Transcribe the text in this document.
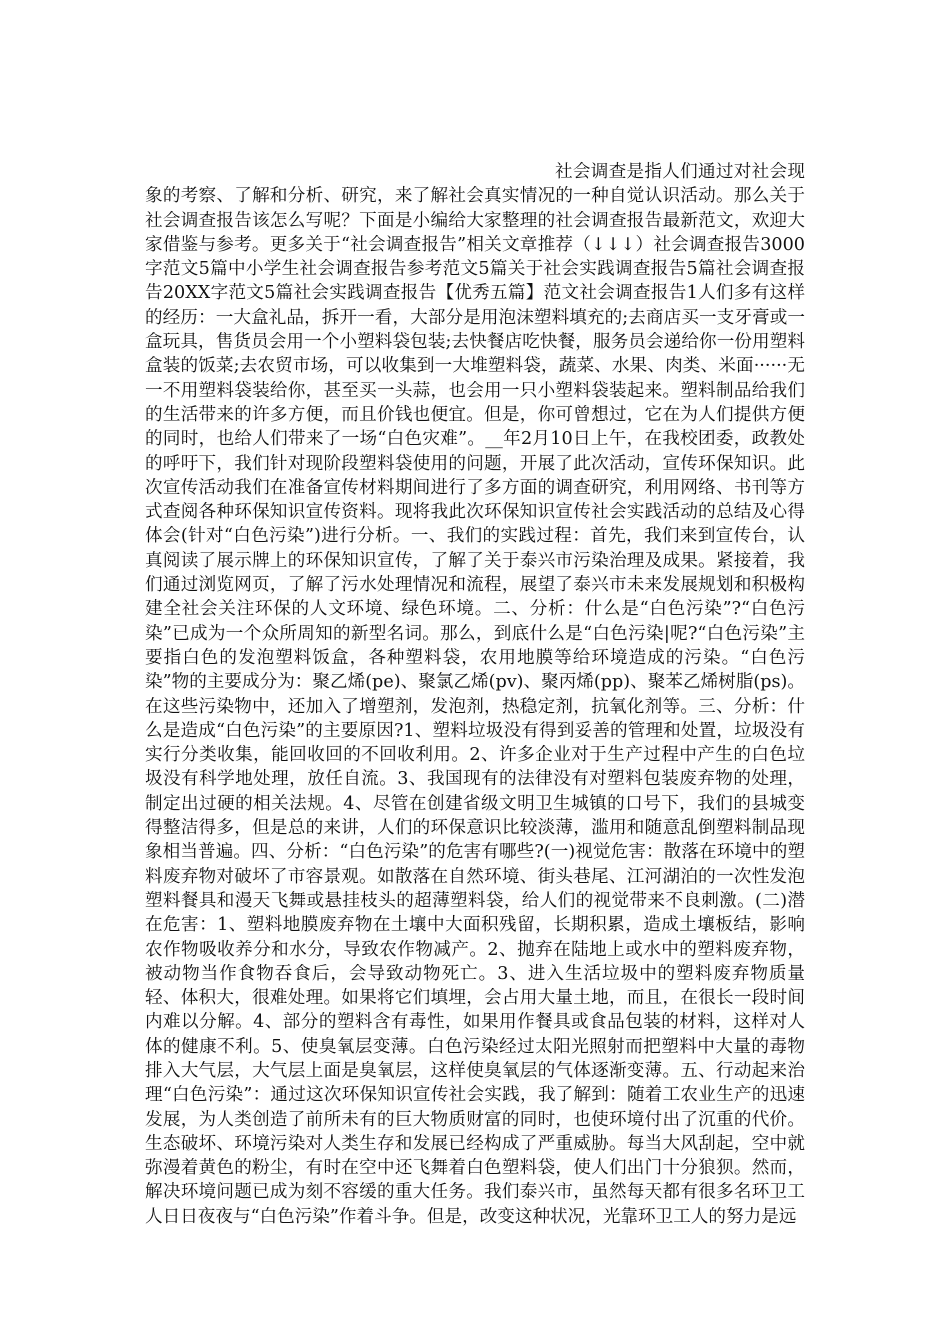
社会调查是指人们通过对社会现象的考察、了解和分析、研究，来了解社会真实情况的一种自觉认识活动。那么关于社会调查报告该怎么写呢？下面是小编给大家整理的社会调查报告最新范文，欢迎大家借鉴与参考。更多关于“社会调查报告”相关文章推荐（↓↓↓）社会调查报告3000字范文5篇中小学生社会调查报告参考范文5篇关于社会实践调查报告5篇社会调查报告20XX字范文5篇社会实践调查报告【优秀五篇】范文社会调查报告1人们多有这样的经历：一大盒礼品，拆开一看，大部分是用泡沫塑料填充的;去商店买一支牙膏或一盒玩具，售货员会用一个小塑料袋包装;去快餐店吃快餐，服务员会递给你一份用塑料盒装的饭菜;去农贸市场，可以收集到一大堆塑料袋，蔬菜、水果、肉类、米面······无一不用塑料袋装给你，甚至买一头蒜，也会用一只小塑料袋装起来。塑料制品给我们的生活带来的许多方便，而且价钱也便宜。但是，你可曾想过，它在为人们提供方便的同时，也给人们带来了一场“白色灾难”。__年2月10日上午，在我校团委，政教处的呼吁下，我们针对现阶段塑料袋使用的问题，开展了此次活动，宣传环保知识。此次宣传活动我们在准备宣传材料期间进行了多方面的调查研究，利用网络、书刊等方式查阅各种环保知识宣传资料。现将我此次环保知识宣传社会实践活动的总结及心得体会(针对“白色污染”)进行分析。一、我们的实践过程：首先，我们来到宣传台，认真阅读了展示牌上的环保知识宣传，了解了关于泰兴市污染治理及成果。紧接着，我们通过浏览网页，了解了污水处理情况和流程，展望了泰兴市未来发展规划和积极构建全社会关注环保的人文环境、绿色环境。二、分析：什么是“白色污染”?“白色污染”已成为一个众所周知的新型名词。那么，到底什么是“白色污染|呢?“白色污染”主要指白色的发泡塑料饭盒，各种塑料袋，农用地膜等给环境造成的污染。“白色污染”物的主要成分为：聚乙烯(pe)、聚氯乙烯(pv)、聚丙烯(pp)、聚苯乙烯树脂(ps)。在这些污染物中，还加入了增塑剂，发泡剂，热稳定剂，抗氧化剂等。三、分析：什么是造成“白色污染”的主要原因?1、塑料垃圾没有得到妥善的管理和处置，垃圾没有实行分类收集，能回收回的不回收利用。2、许多企业对于生产过程中产生的白色垃圾没有科学地处理，放任自流。3、我国现有的法律没有对塑料包装废弃物的处理，制定出过硬的相关法规。4、尽管在创建省级文明卫生城镇的口号下，我们的县城变得整洁得多，但是总的来讲，人们的环保意识比较淡薄，滥用和随意乱倒塑料制品现象相当普遍。四、分析：“白色污染”的危害有哪些?(一)视觉危害：散落在环境中的塑料废弃物对破坏了市容景观。如散落在自然环境、街头巷尾、江河湖泊的一次性发泡塑料餐具和漫天飞舞或悬挂枝头的超薄塑料袋，给人们的视觉带来不良刺激。(二)潜在危害：1、塑料地膜废弃物在土壤中大面积残留，长期积累，造成土壤板结，影响农作物吸收养分和水分，导致农作物减产。2、抛弃在陆地上或水中的塑料废弃物，被动物当作食物吞食后，会导致动物死亡。3、进入生活垃圾中的塑料废弃物质量轻、体积大，很难处理。如果将它们填埋，会占用大量土地，而且，在很长一段时间内难以分解。4、部分的塑料含有毒性，如果用作餐具或食品包装的材料，这样对人体的健康不利。5、使臭氧层变薄。白色污染经过太阳光照射而把塑料中大量的毒物排入大气层，大气层上面是臭氧层，这样使臭氧层的气体逐渐变薄。五、行动起来治理“白色污染”：通过这次环保知识宣传社会实践，我了解到：随着工农业生产的迅速发展，为人类创造了前所未有的巨大物质财富的同时，也使环境付出了沉重的代价。生态破坏、环境污染对人类生存和发展已经构成了严重威胁。每当大风刮起，空中就弥漫着黄色的粉尘，有时在空中还飞舞着白色塑料袋，使人们出门十分狼狈。然而，解决环境问题已成为刻不容缓的重大任务。我们泰兴市，虽然每天都有很多名环卫工人日日夜夜与“白色污染”作着斗争。但是，改变这种状况，光靠环卫工人的努力是远
